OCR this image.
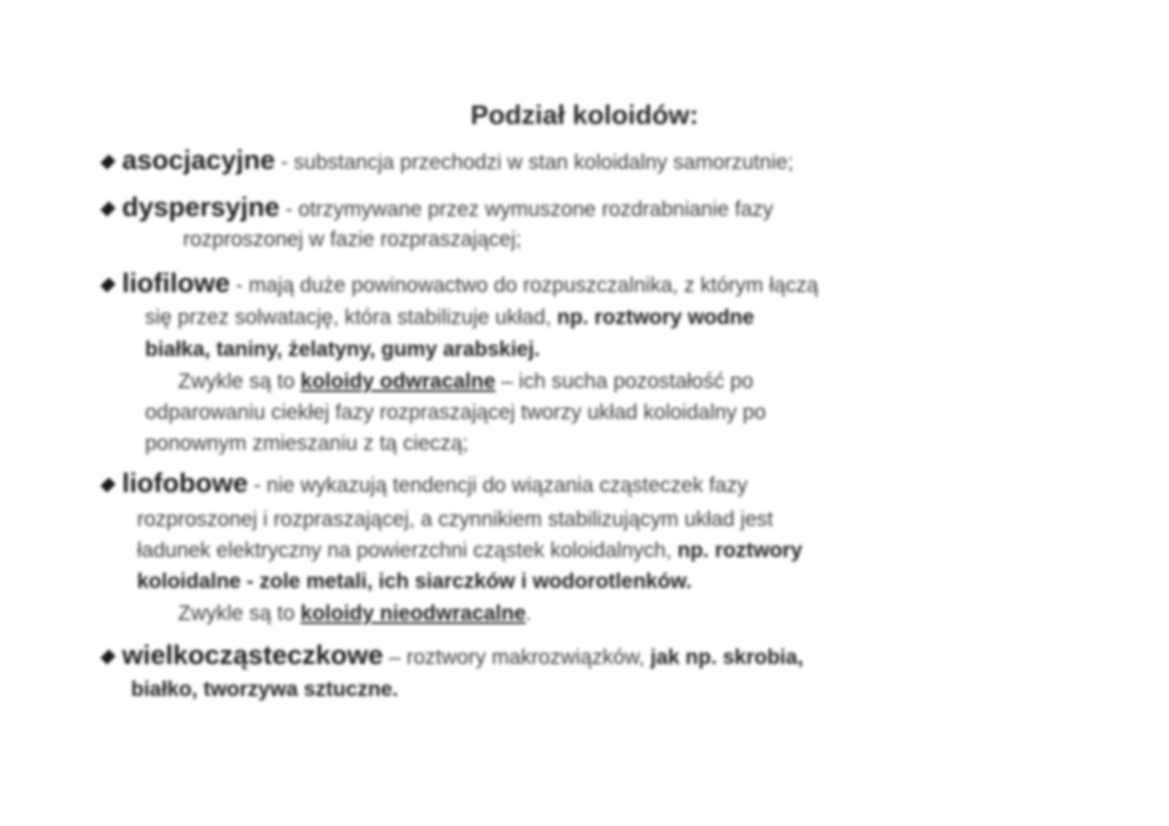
Podział koloidów:
asocjacyjne - substancja przechodzi w stan koloidalny samorzutnie;
dyspersyjne - otrzymywane przez wymuszone rozdrabnianie fazy
rozproszonej w fazie rozpraszającej;
liofilowe - mają duże powinowactwo do rozpuszczalnika, z którym łączą
się przez solwatację, która stabilizuje układ, np. roztwory wodne
białka, taniny, żelatyny, gumy arabskiej.
Zwykle są to koloidy odwracalne – ich sucha pozostałość po
odparowaniu ciekłej fazy rozpraszającej tworzy układ koloidalny po
ponownym zmieszaniu z tą cieczą;
liofobowe - nie wykazują tendencji do wiązania cząsteczek fazy
rozproszonej i rozpraszającej, a czynnikiem stabilizującym układ jest
ładunek elektryczny na powierzchni cząstek koloidalnych, np. roztwory
koloidalne - zole metali, ich siarczków i wodorotlenków.
Zwykle są to koloidy nieodwracalne.
wielkocząsteczkowe – roztwory makrozwiązków, jak np. skrobia,
białko, tworzywa sztuczne.
